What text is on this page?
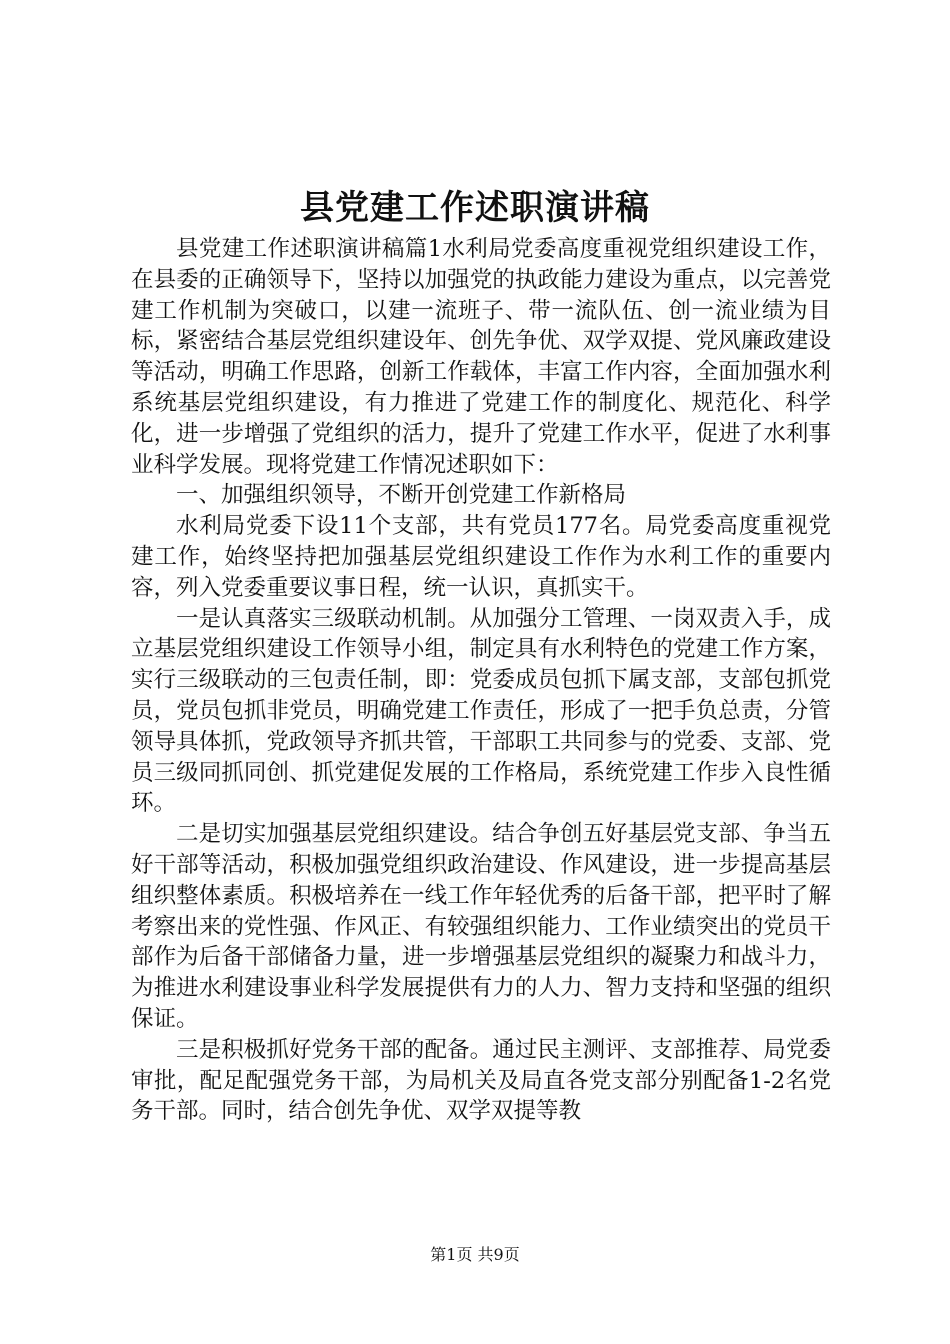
县党建工作述职演讲稿

县党建工作述职演讲稿篇1水利局党委高度重视党组织建设工作，在县委的正确领导下，坚持以加强党的执政能力建设为重点，以完善党建工作机制为突破口，以建一流班子、带一流队伍、创一流业绩为目标，紧密结合基层党组织建设年、创先争优、双学双提、党风廉政建设等活动，明确工作思路，创新工作载体，丰富工作内容，全面加强水利系统基层党组织建设，有力推进了党建工作的制度化、规范化、科学化，进一步增强了党组织的活力，提升了党建工作水平，促进了水利事业科学发展。现将党建工作情况述职如下：

一、加强组织领导，不断开创党建工作新格局

水利局党委下设11个支部，共有党员177名。局党委高度重视党建工作，始终坚持把加强基层党组织建设工作作为水利工作的重要内容，列入党委重要议事日程，统一认识，真抓实干。

一是认真落实三级联动机制。从加强分工管理、一岗双责入手，成立基层党组织建设工作领导小组，制定具有水利特色的党建工作方案，实行三级联动的三包责任制，即：党委成员包抓下属支部，支部包抓党员，党员包抓非党员，明确党建工作责任，形成了一把手负总责，分管领导具体抓，党政领导齐抓共管，干部职工共同参与的党委、支部、党员三级同抓同创、抓党建促发展的工作格局，系统党建工作步入良性循环。

二是切实加强基层党组织建设。结合争创五好基层党支部、争当五好干部等活动，积极加强党组织政治建设、作风建设，进一步提高基层组织整体素质。积极培养在一线工作年轻优秀的后备干部，把平时了解考察出来的党性强、作风正、有较强组织能力、工作业绩突出的党员干部作为后备干部储备力量，进一步增强基层党组织的凝聚力和战斗力，为推进水利建设事业科学发展提供有力的人力、智力支持和坚强的组织保证。

三是积极抓好党务干部的配备。通过民主测评、支部推荐、局党委审批，配足配强党务干部，为局机关及局直各党支部分别配备1-2名党务干部。同时，结合创先争优、双学双提等教

第1页 共9页
